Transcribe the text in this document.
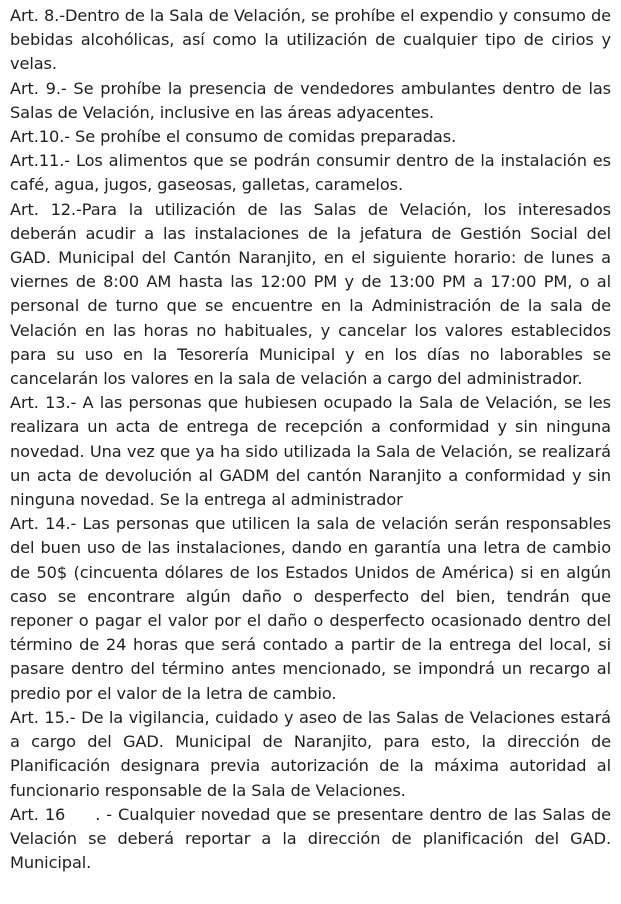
Art. 8.-Dentro de la Sala de Velación, se prohíbe el expendio y consumo de bebidas alcohólicas, así como la utilización de cualquier tipo de cirios y velas.

Art. 9.- Se prohíbe la presencia de vendedores ambulantes dentro de las Salas de Velación, inclusive en las áreas adyacentes.

Art.10.- Se prohíbe el consumo de comidas preparadas.

Art.11.- Los alimentos que se podrán consumir dentro de la instalación es café, agua, jugos, gaseosas, galletas, caramelos.

Art. 12.-Para la utilización de las Salas de Velación, los interesados deberán acudir a las instalaciones de la jefatura de Gestión Social del GAD. Municipal del Cantón Naranjito, en el siguiente horario: de lunes a viernes de 8:00 AM hasta las 12:00 PM y de 13:00 PM a 17:00 PM, o al personal de turno que se encuentre en la Administración de la sala de Velación en las horas no habituales, y cancelar los valores establecidos para su uso en la Tesorería Municipal y en los días no laborables se cancelarán los valores en la sala de velación a cargo del administrador.

Art. 13.- A las personas que hubiesen ocupado la Sala de Velación, se les realizara un acta de entrega de recepción a conformidad y sin ninguna novedad. Una vez que ya ha sido utilizada la Sala de Velación, se realizará un acta de devolución al GADM del cantón Naranjito a conformidad y sin ninguna novedad. Se la entrega al administrador

Art. 14.- Las personas que utilicen la sala de velación serán responsables del buen uso de las instalaciones, dando en garantía una letra de cambio de 50$ (cincuenta dólares de los Estados Unidos de América) si en algún caso se encontrare algún daño o desperfecto del bien, tendrán que reponer o pagar el valor por el daño o desperfecto ocasionado dentro del término de 24 horas que será contado a partir de la entrega del local, si pasare dentro del término antes mencionado, se impondrá un recargo al predio por el valor de la letra de cambio.

Art. 15.- De la vigilancia, cuidado y aseo de las Salas de Velaciones estará a cargo del GAD. Municipal de Naranjito, para esto, la dirección de Planificación designara previa autorización de la máxima autoridad al funcionario responsable de la Sala de Velaciones.

Art. 16     . - Cualquier novedad que se presentare dentro de las Salas de Velación se deberá reportar a la dirección de planificación del GAD. Municipal.
